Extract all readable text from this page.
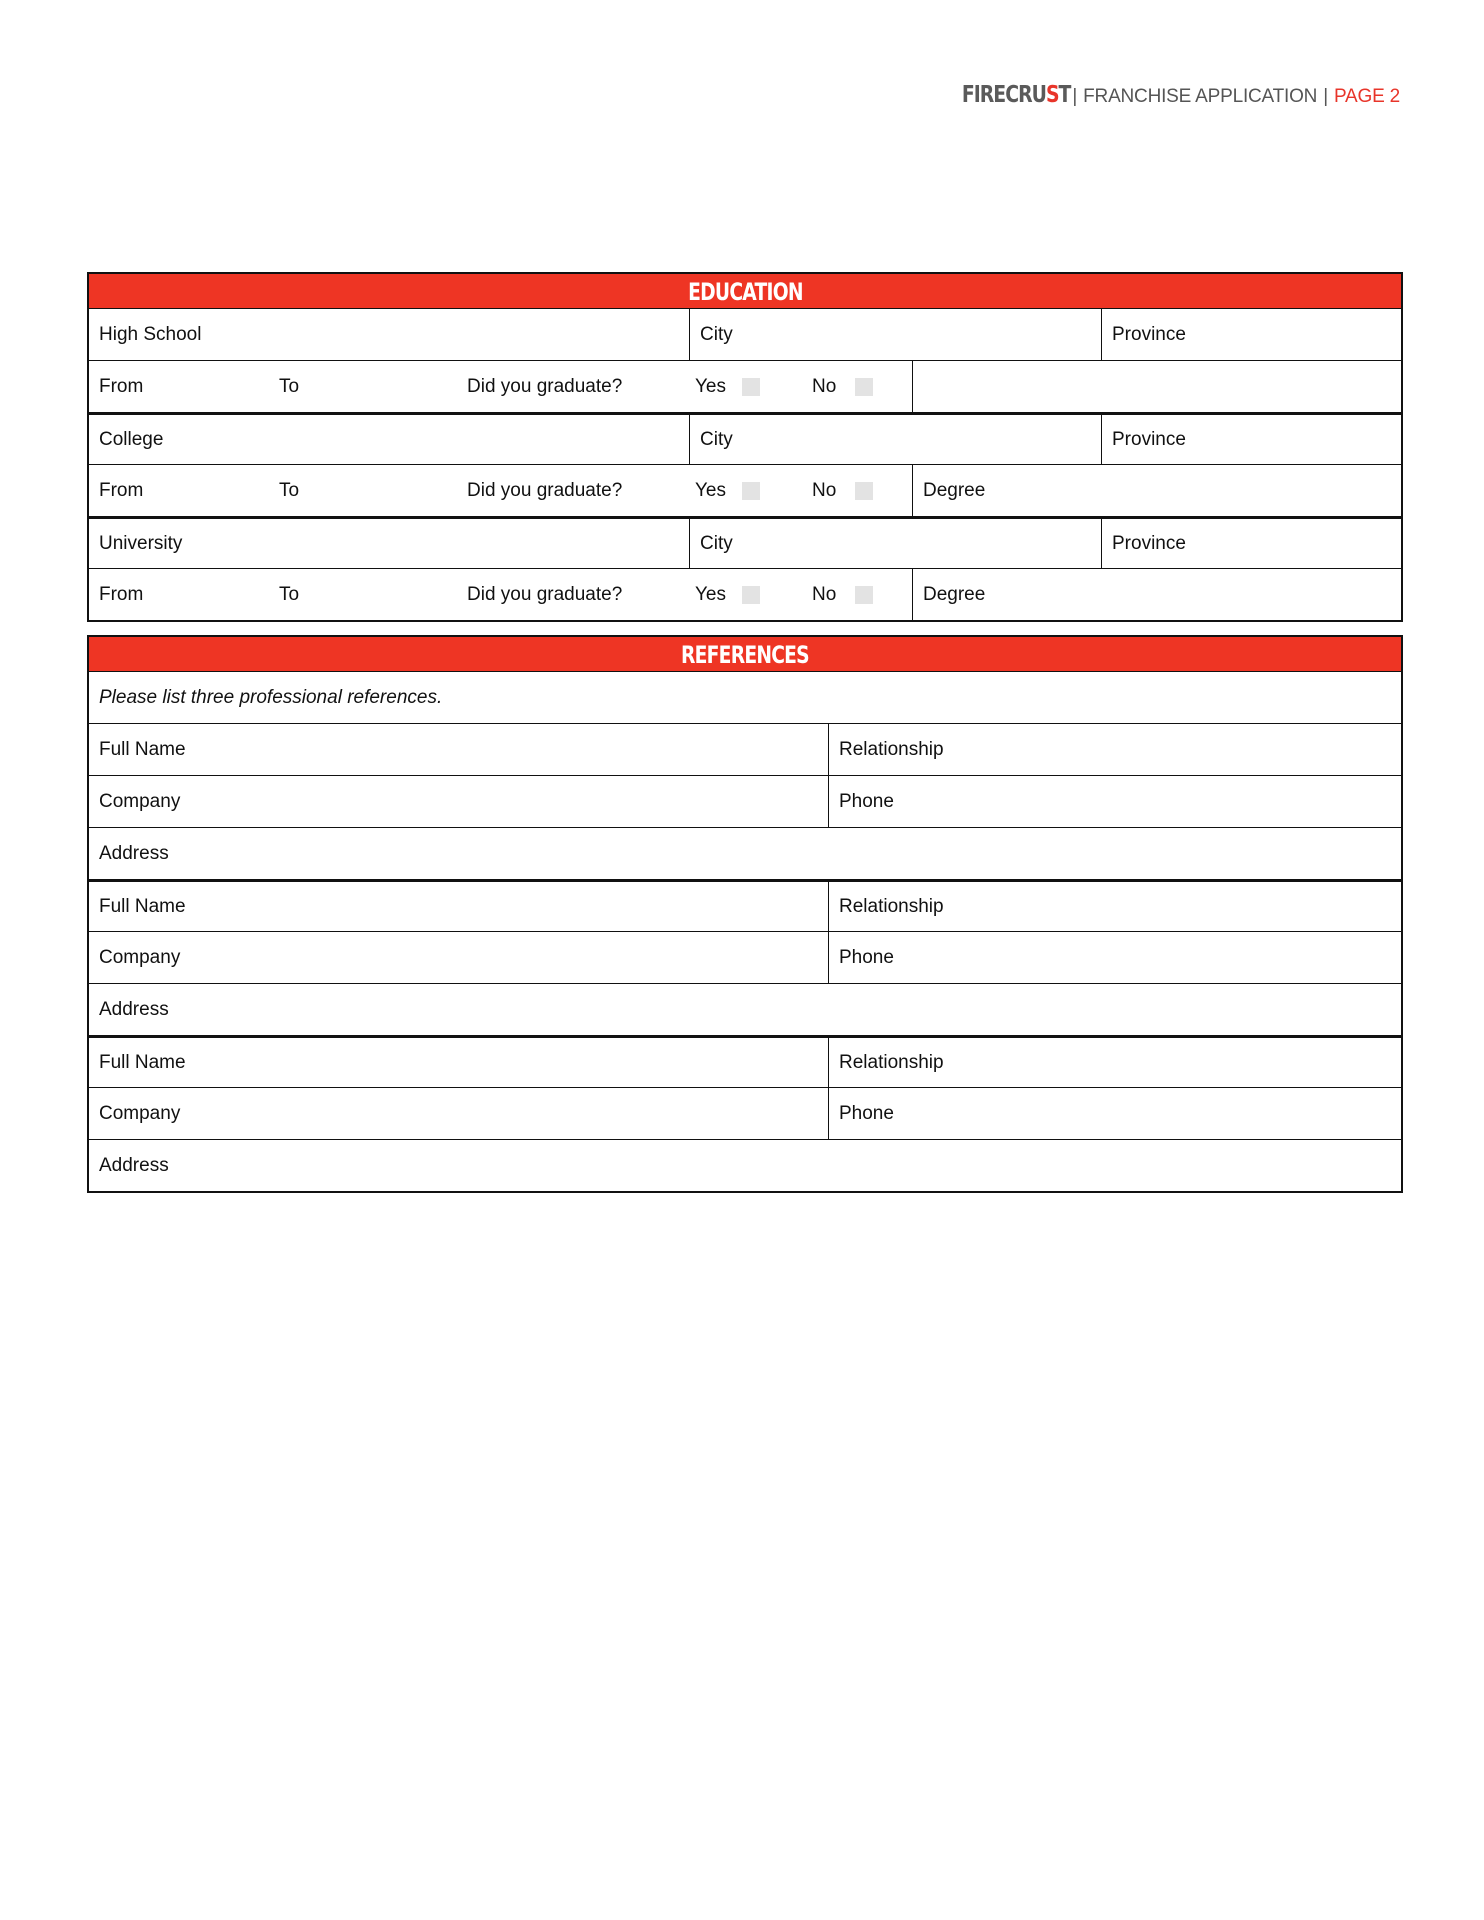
FIRECRUST | FRANCHISE APPLICATION | PAGE 2
EDUCATION
High School	City	Province
From	To	Did you graduate?	Yes	No
College	City	Province
From	To	Did you graduate?	Yes	No	Degree
University	City	Province
From	To	Did you graduate?	Yes	No	Degree
REFERENCES
Please list three professional references.
Full Name	Relationship
Company	Phone
Address
Full Name	Relationship
Company	Phone
Address
Full Name	Relationship
Company	Phone
Address
